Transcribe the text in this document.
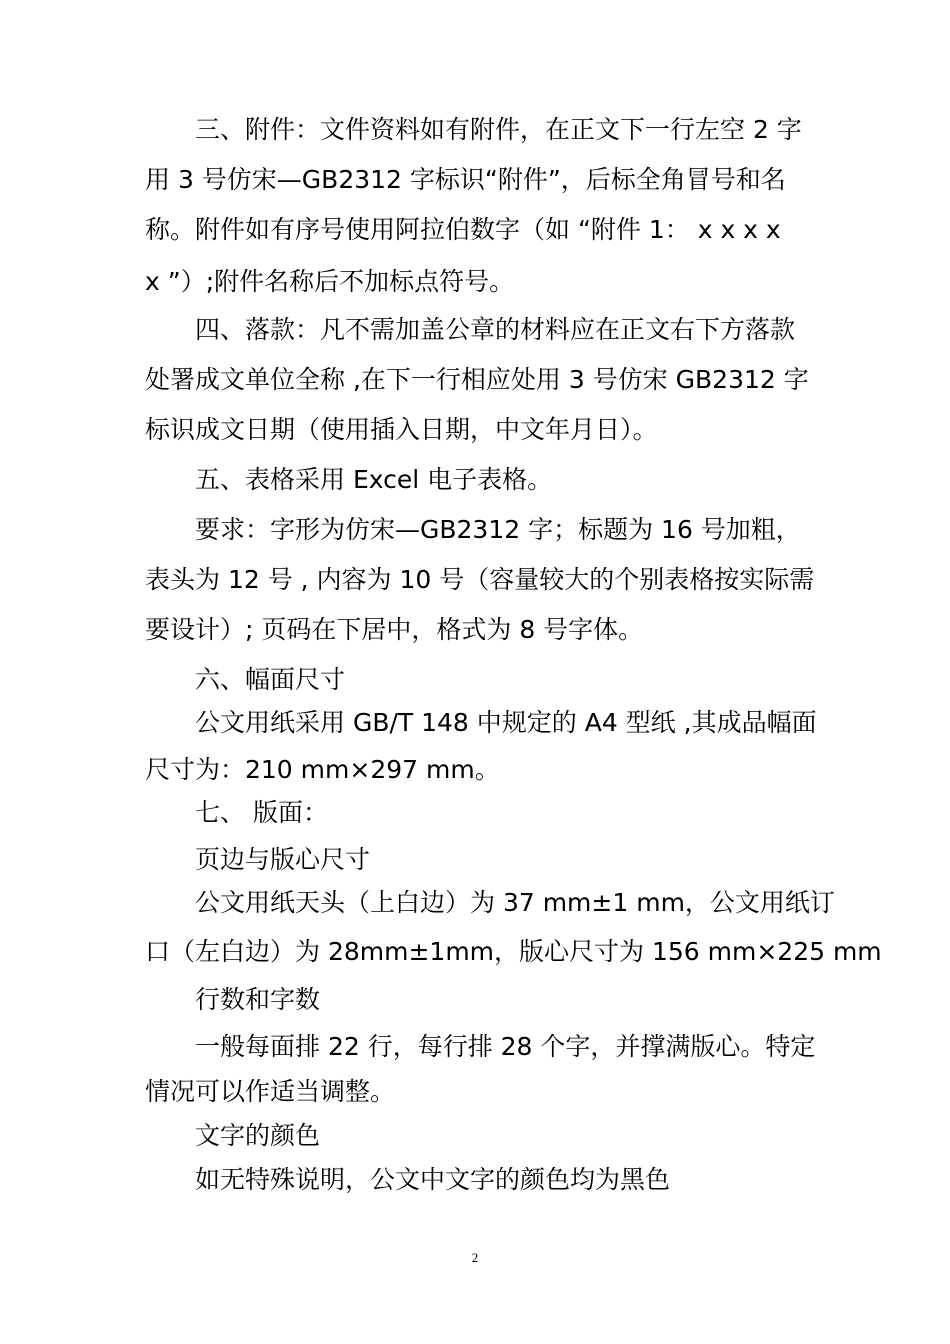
三、附件：文件资料如有附件，在正文下一行左空 2 字
用 3 号仿宋—GB2312 字标识“附件”，后标全角冒号和名
称。附件如有序号使用阿拉伯数字（如 “附件 1： x x x x
x ”）;附件名称后不加标点符号。
四、落款：凡不需加盖公章的材料应在正文右下方落款
处署成文单位全称 ,在下一行相应处用 3 号仿宋 GB2312 字
标识成文日期（使用插入日期，中文年月日）。
五、表格采用 Excel 电子表格。
要求：字形为仿宋—GB2312 字；标题为 16 号加粗，
表头为 12 号 , 内容为 10 号（容量较大的个别表格按实际需
要设计）; 页码在下居中，格式为 8 号字体。
六、幅面尺寸
公文用纸采用 GB/T 148 中规定的 A4 型纸 ,其成品幅面
尺寸为：210 mm×297 mm。
七、 版面：
页边与版心尺寸
公文用纸天头（上白边）为 37 mm±1 mm，公文用纸订
口（左白边）为 28mm±1mm，版心尺寸为 156 mm×225 mm
行数和字数
一般每面排 22 行，每行排 28 个字，并撑满版心。特定
情况可以作适当调整。
文字的颜色
如无特殊说明，公文中文字的颜色均为黑色
2
